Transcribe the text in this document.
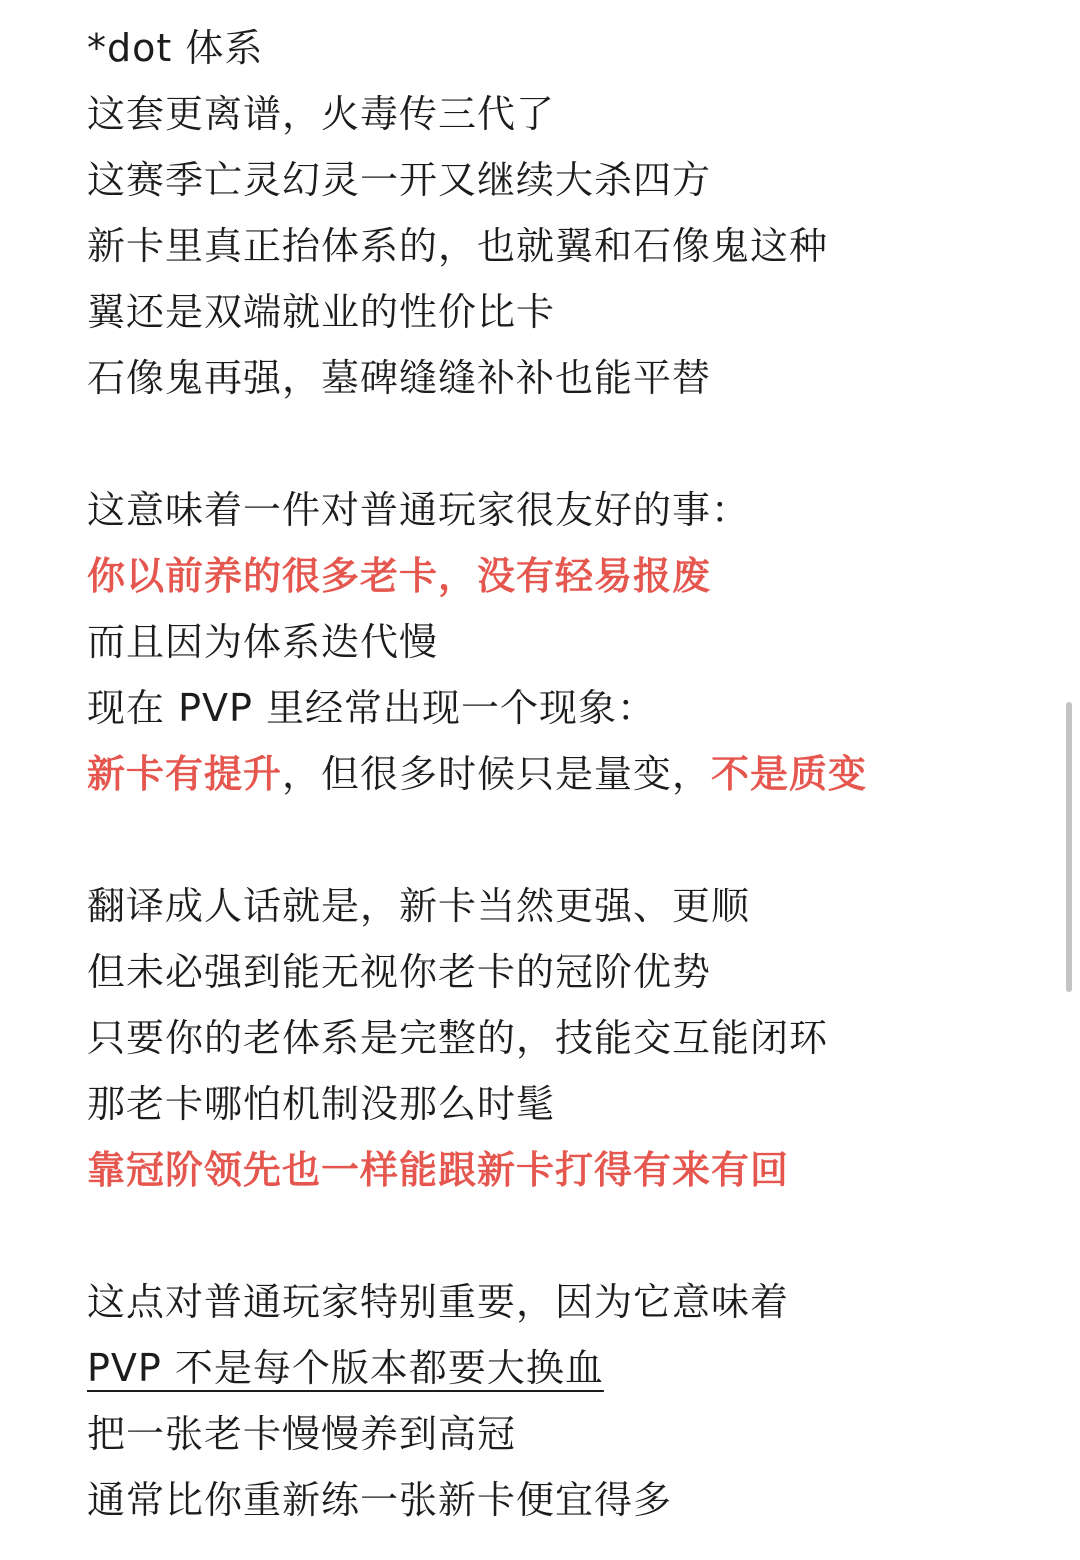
*dot 体系
这套更离谱，火毒传三代了
这赛季亡灵幻灵一开又继续大杀四方
新卡里真正抬体系的，也就翼和石像鬼这种
翼还是双端就业的性价比卡
石像鬼再强，墓碑缝缝补补也能平替
这意味着一件对普通玩家很友好的事：
你以前养的很多老卡，没有轻易报废
而且因为体系迭代慢
现在 PVP 里经常出现一个现象：
新卡有提升，但很多时候只是量变，不是质变
翻译成人话就是，新卡当然更强、更顺
但未必强到能无视你老卡的冠阶优势
只要你的老体系是完整的，技能交互能闭环
那老卡哪怕机制没那么时髦
靠冠阶领先也一样能跟新卡打得有来有回
这点对普通玩家特别重要，因为它意味着
PVP 不是每个版本都要大换血
把一张老卡慢慢养到高冠
通常比你重新练一张新卡便宜得多
